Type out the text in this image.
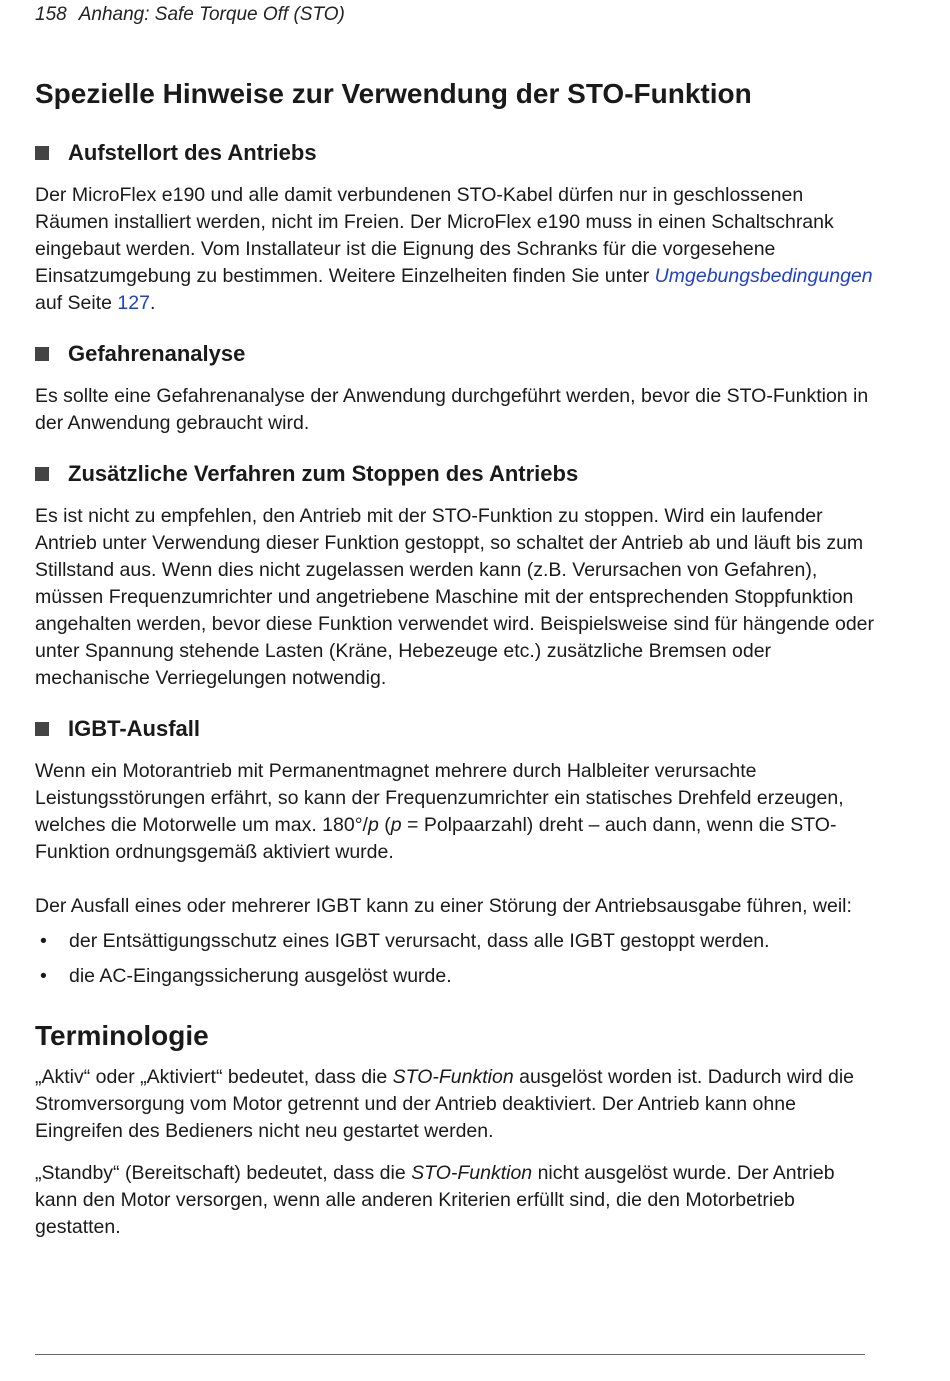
158 Anhang: Safe Torque Off (STO)
Spezielle Hinweise zur Verwendung der STO-Funktion
Aufstellort des Antriebs

Der MicroFlex e190 und alle damit verbundenen STO-Kabel dürfen nur in geschlossenen Räumen installiert werden, nicht im Freien. Der MicroFlex e190 muss in einen Schaltschrank eingebaut werden. Vom Installateur ist die Eignung des Schranks für die vorgesehene Einsatzumgebung zu bestimmen. Weitere Einzelheiten finden Sie unter Umgebungsbedingungen auf Seite 127.

Gefahrenanalyse

Es sollte eine Gefahrenanalyse der Anwendung durchgeführt werden, bevor die STO-Funktion in der Anwendung gebraucht wird.

Zusätzliche Verfahren zum Stoppen des Antriebs

Es ist nicht zu empfehlen, den Antrieb mit der STO-Funktion zu stoppen. Wird ein laufender Antrieb unter Verwendung dieser Funktion gestoppt, so schaltet der Antrieb ab und läuft bis zum Stillstand aus. Wenn dies nicht zugelassen werden kann (z.B. Verursachen von Gefahren), müssen Frequenzumrichter und angetriebene Maschine mit der entsprechenden Stoppfunktion angehalten werden, bevor diese Funktion verwendet wird. Beispielsweise sind für hängende oder unter Spannung stehende Lasten (Kräne, Hebezeuge etc.) zusätzliche Bremsen oder mechanische Verriegelungen notwendig.

IGBT-Ausfall

Wenn ein Motorantrieb mit Permanentmagnet mehrere durch Halbleiter verursachte Leistungsstörungen erfährt, so kann der Frequenzumrichter ein statisches Drehfeld erzeugen, welches die Motorwelle um max. 180°/p (p = Polpaarzahl) dreht – auch dann, wenn die STO-Funktion ordnungsgemäß aktiviert wurde.

Der Ausfall eines oder mehrerer IGBT kann zu einer Störung der Antriebsausgabe führen, weil:

• der Entsättigungsschutz eines IGBT verursacht, dass alle IGBT gestoppt werden.
• die AC-Eingangssicherung ausgelöst wurde.
Terminologie

„Aktiv“ oder „Aktiviert“ bedeutet, dass die STO-Funktion ausgelöst worden ist. Dadurch wird die Stromversorgung vom Motor getrennt und der Antrieb deaktiviert. Der Antrieb kann ohne Eingreifen des Bedieners nicht neu gestartet werden.

„Standby“ (Bereitschaft) bedeutet, dass die STO-Funktion nicht ausgelöst wurde. Der Antrieb kann den Motor versorgen, wenn alle anderen Kriterien erfüllt sind, die den Motorbetrieb gestatten.
